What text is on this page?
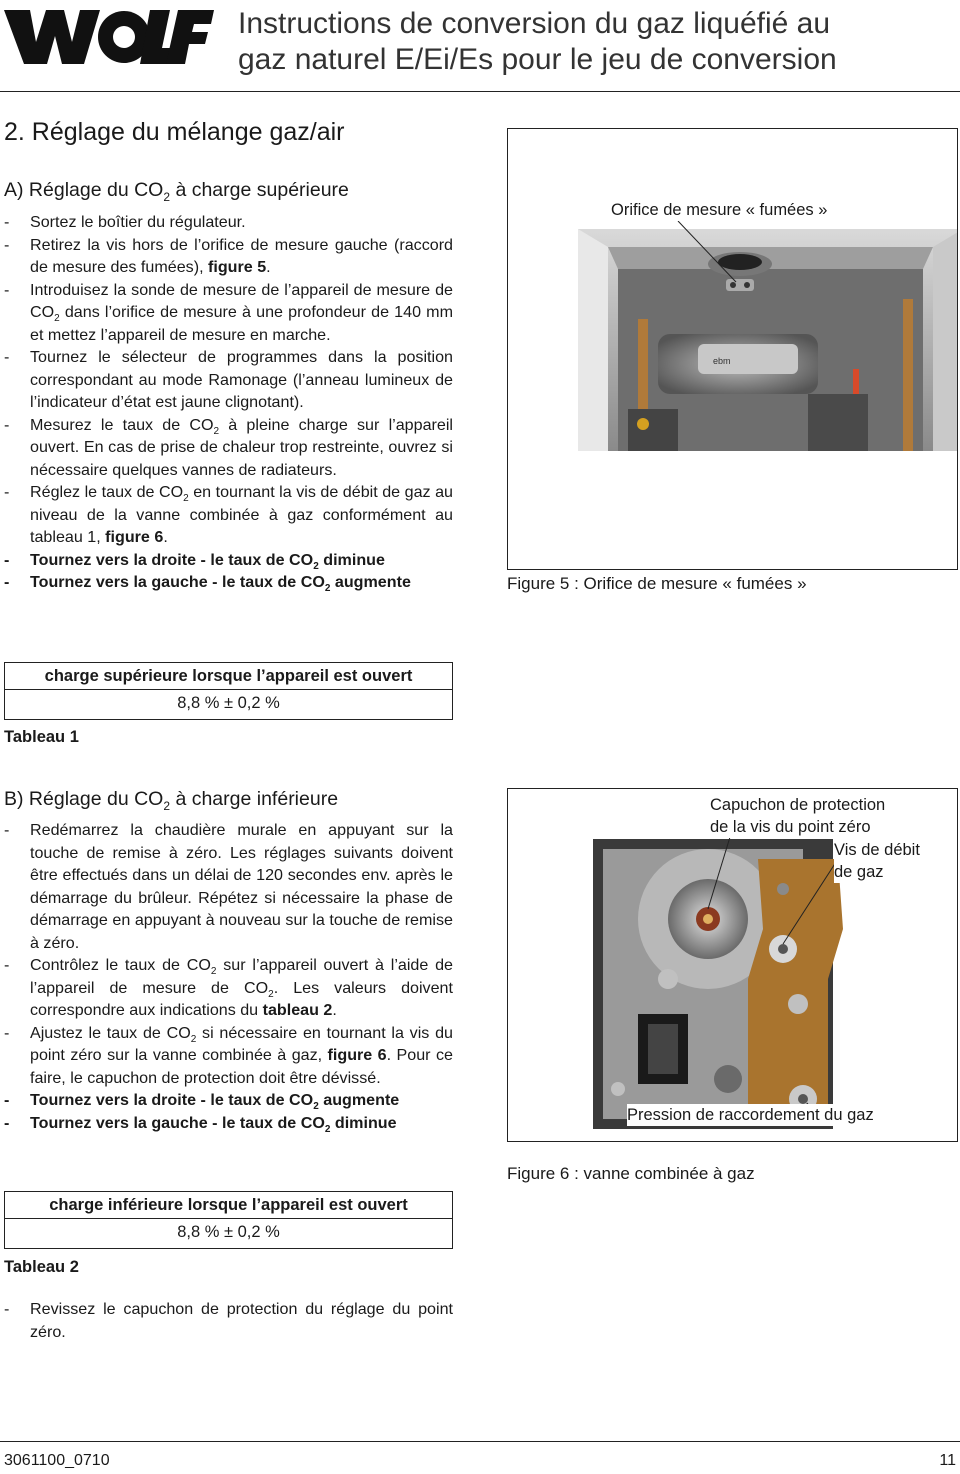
Instructions de conversion du gaz liquéfié au
gaz naturel E/Ei/Es pour le jeu de conversion
2. Réglage du mélange gaz/air
A) Réglage du $CO_2$ à charge supérieure
- Sortez le boîtier du régulateur.
- Retirez la vis hors de l’orifice de mesure gauche (raccord de mesure des fumées), figure 5.
- Introduisez la sonde de mesure de l’appareil de mesure de $CO_2$ dans l’orifice de mesure à une profondeur de 140 mm et mettez l’appareil de mesure en marche.
- Tournez le sélecteur de programmes dans la position correspondant au mode Ramonage (l’anneau lumineux de l’indicateur d’état est jaune clignotant).
- Mesurez le taux de $CO_2$ à pleine charge sur l’appareil ouvert. En cas de prise de chaleur trop restreinte, ouvrez si nécessaire quelques vannes de radiateurs.
- Réglez le taux de $CO_2$ en tournant la vis de débit de gaz au niveau de la vanne combinée à gaz conformément au tableau 1, figure 6.
- Tournez vers la droite - le taux de $CO_2$ diminue
- Tournez vers la gauche - le taux de $CO_2$ augmente
ebm
Orifice de mesure « fumées »
Figure 5 : Orifice de mesure « fumées »
charge supérieure lorsque l’appareil est ouvert
8,8 % ± 0,2 %
Tableau 1
B) Réglage du $CO_2$ à charge inférieure
- Redémarrez la chaudière murale en appuyant sur la touche de remise à zéro. Les réglages suivants doivent être effectués dans un délai de 120 secondes env. après le démarrage du brûleur. Répétez si nécessaire la phase de démarrage en appuyant à nouveau sur la touche de remise à zéro.
- Contrôlez le taux de $CO_2$ sur l’appareil ouvert à l’aide de l’appareil de mesure de $CO_2$. Les valeurs doivent correspondre aux indications du tableau 2.
- Ajustez le taux de $CO_2$ si nécessaire en tournant la vis du point zéro sur la vanne combinée à gaz, figure 6. Pour ce faire, le capuchon de protection doit être dévissé.
- Tournez vers la droite - le taux de $CO_2$ augmente
- Tournez vers la gauche - le taux de $CO_2$ diminue
Capuchon de protection
de la vis du point zéro
Vis de débit
de gaz
Pression de raccordement du gaz
Figure 6 : vanne combinée à gaz
charge inférieure lorsque l’appareil est ouvert
8,8 % ± 0,2 %
Tableau 2
- Revissez le capuchon de protection du réglage du point zéro.
3061100_0710	11
